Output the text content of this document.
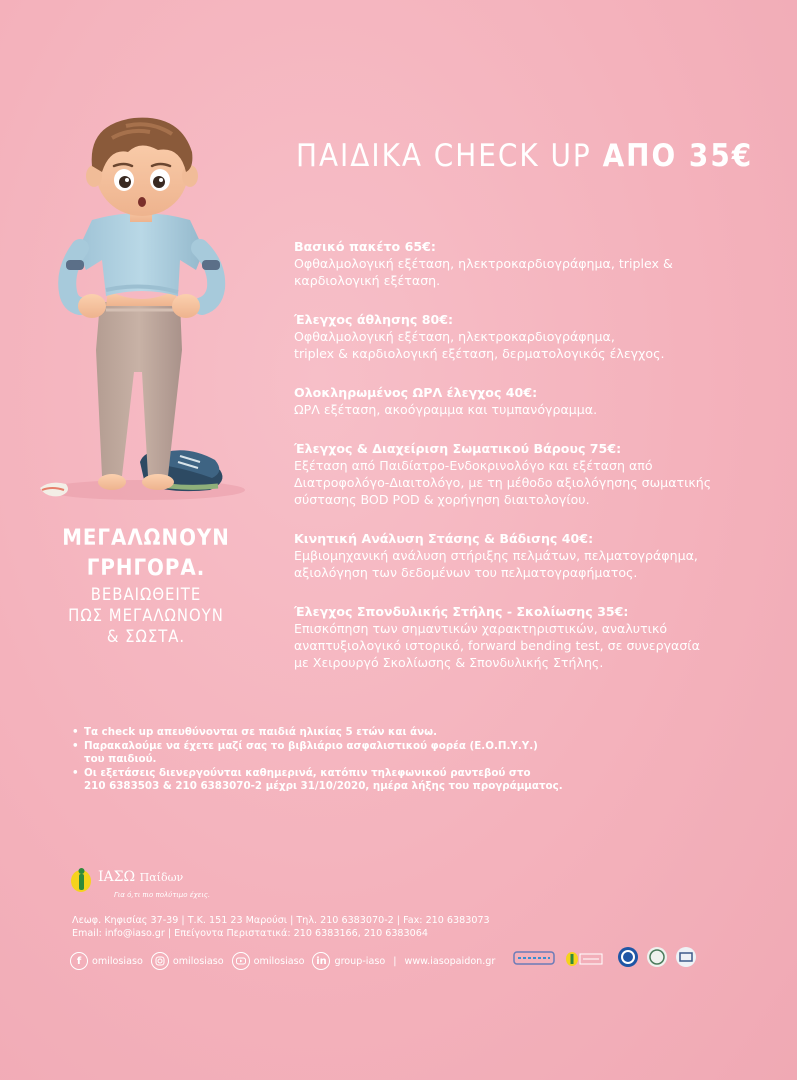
ΠΑΙΔΙΚΑ CHECK UP ΑΠΟ 35€
Βασικό πακέτο 65€:
Οφθαλμολογική εξέταση, ηλεκτροκαρδιογράφημα, triplex &
καρδιολογική εξέταση.
Έλεγχος άθλησης 80€:
Οφθαλμολογική εξέταση, ηλεκτροκαρδιογράφημα,
triplex & καρδιολογική εξέταση, δερματολογικός έλεγχος.
Ολοκληρωμένος ΩΡΛ έλεγχος 40€:
ΩΡΛ εξέταση, ακοόγραμμα και τυμπανόγραμμα.
Έλεγχος & Διαχείριση Σωματικού Βάρους 75€:
Εξέταση από Παιδίατρο-Ενδοκρινολόγο και εξέταση από
Διατροφολόγο-Διαιτολόγο, με τη μέθοδο αξιολόγησης σωματικής
σύστασης BOD POD & χορήγηση διαιτολογίου.
Κινητική Ανάλυση Στάσης & Βάδισης 40€:
Εμβιομηχανική ανάλυση στήριξης πελμάτων, πελματογράφημα,
αξιολόγηση των δεδομένων του πελματογραφήματος.
Έλεγχος Σπονδυλικής Στήλης - Σκολίωσης 35€:
Επισκόπηση των σημαντικών χαρακτηριστικών, αναλυτικό
αναπτυξιολογικό ιστορικό, forward bending test, σε συνεργασία
με Χειρουργό Σκολίωσης & Σπονδυλικής Στήλης.
ΜΕΓΑΛΩΝΟΥΝ
ΓΡΗΓΟΡΑ.
ΒΕΒΑΙΩΘΕΙΤΕ
ΠΩΣ ΜΕΓΑΛΩΝΟΥΝ
& ΣΩΣΤΑ.
• Τα check up απευθύνονται σε παιδιά ηλικίας 5 ετών και άνω.
• Παρακαλούμε να έχετε μαζί σας το βιβλιάριο ασφαλιστικού φορέα (Ε.Ο.Π.Υ.Υ.)
του παιδιού.
• Οι εξετάσεις διενεργούνται καθημερινά, κατόπιν τηλεφωνικού ραντεβού στο
210 6383503 & 210 6383070-2 μέχρι 31/10/2020, ημέρα λήξης του προγράμματος.
ΙΑΣΩ Παίδων
Για ό,τι πιο πολύτιμο έχεις.
Λεωφ. Κηφισίας 37-39 | Τ.Κ. 151 23 Μαρούσι | Τηλ. 210 6383070-2 | Fax: 210 6383073
Email: info@iaso.gr | Επείγοντα Περιστατικά: 210 6383166, 210 6383064
f	omilosiaso	omilosiaso	omilosiaso	in group-iaso | www.iasopaidon.gr
